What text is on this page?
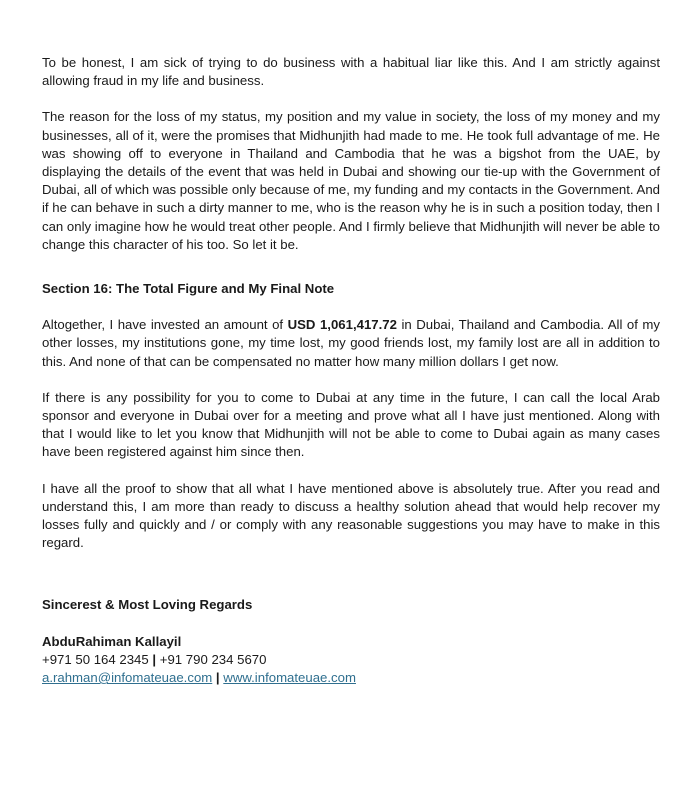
To be honest, I am sick of trying to do business with a habitual liar like this. And I am strictly against allowing fraud in my life and business.

The reason for the loss of my status, my position and my value in society, the loss of my money and my businesses, all of it, were the promises that Midhunjith had made to me. He took full advantage of me. He was showing off to everyone in Thailand and Cambodia that he was a bigshot from the UAE, by displaying the details of the event that was held in Dubai and showing our tie-up with the Government of Dubai, all of which was possible only because of me, my funding and my contacts in the Government. And if he can behave in such a dirty manner to me, who is the reason why he is in such a position today, then I can only imagine how he would treat other people. And I firmly believe that Midhunjith will never be able to change this character of his too. So let it be.

Section 16: The Total Figure and My Final Note

Altogether, I have invested an amount of USD 1,061,417.72 in Dubai, Thailand and Cambodia. All of my other losses, my institutions gone, my time lost, my good friends lost, my family lost are all in addition to this. And none of that can be compensated no matter how many million dollars I get now.

If there is any possibility for you to come to Dubai at any time in the future, I can call the local Arab sponsor and everyone in Dubai over for a meeting and prove what all I have just mentioned. Along with that I would like to let you know that Midhunjith will not be able to come to Dubai again as many cases have been registered against him since then.

I have all the proof to show that all what I have mentioned above is absolutely true. After you read and understand this, I am more than ready to discuss a healthy solution ahead that would help recover my losses fully and quickly and / or comply with any reasonable suggestions you may have to make in this regard.

Sincerest & Most Loving Regards

AbduRahiman Kallayil

+971 50 164 2345 | +91 790 234 5670

a.rahman@infomateuae.com | www.infomateuae.com
